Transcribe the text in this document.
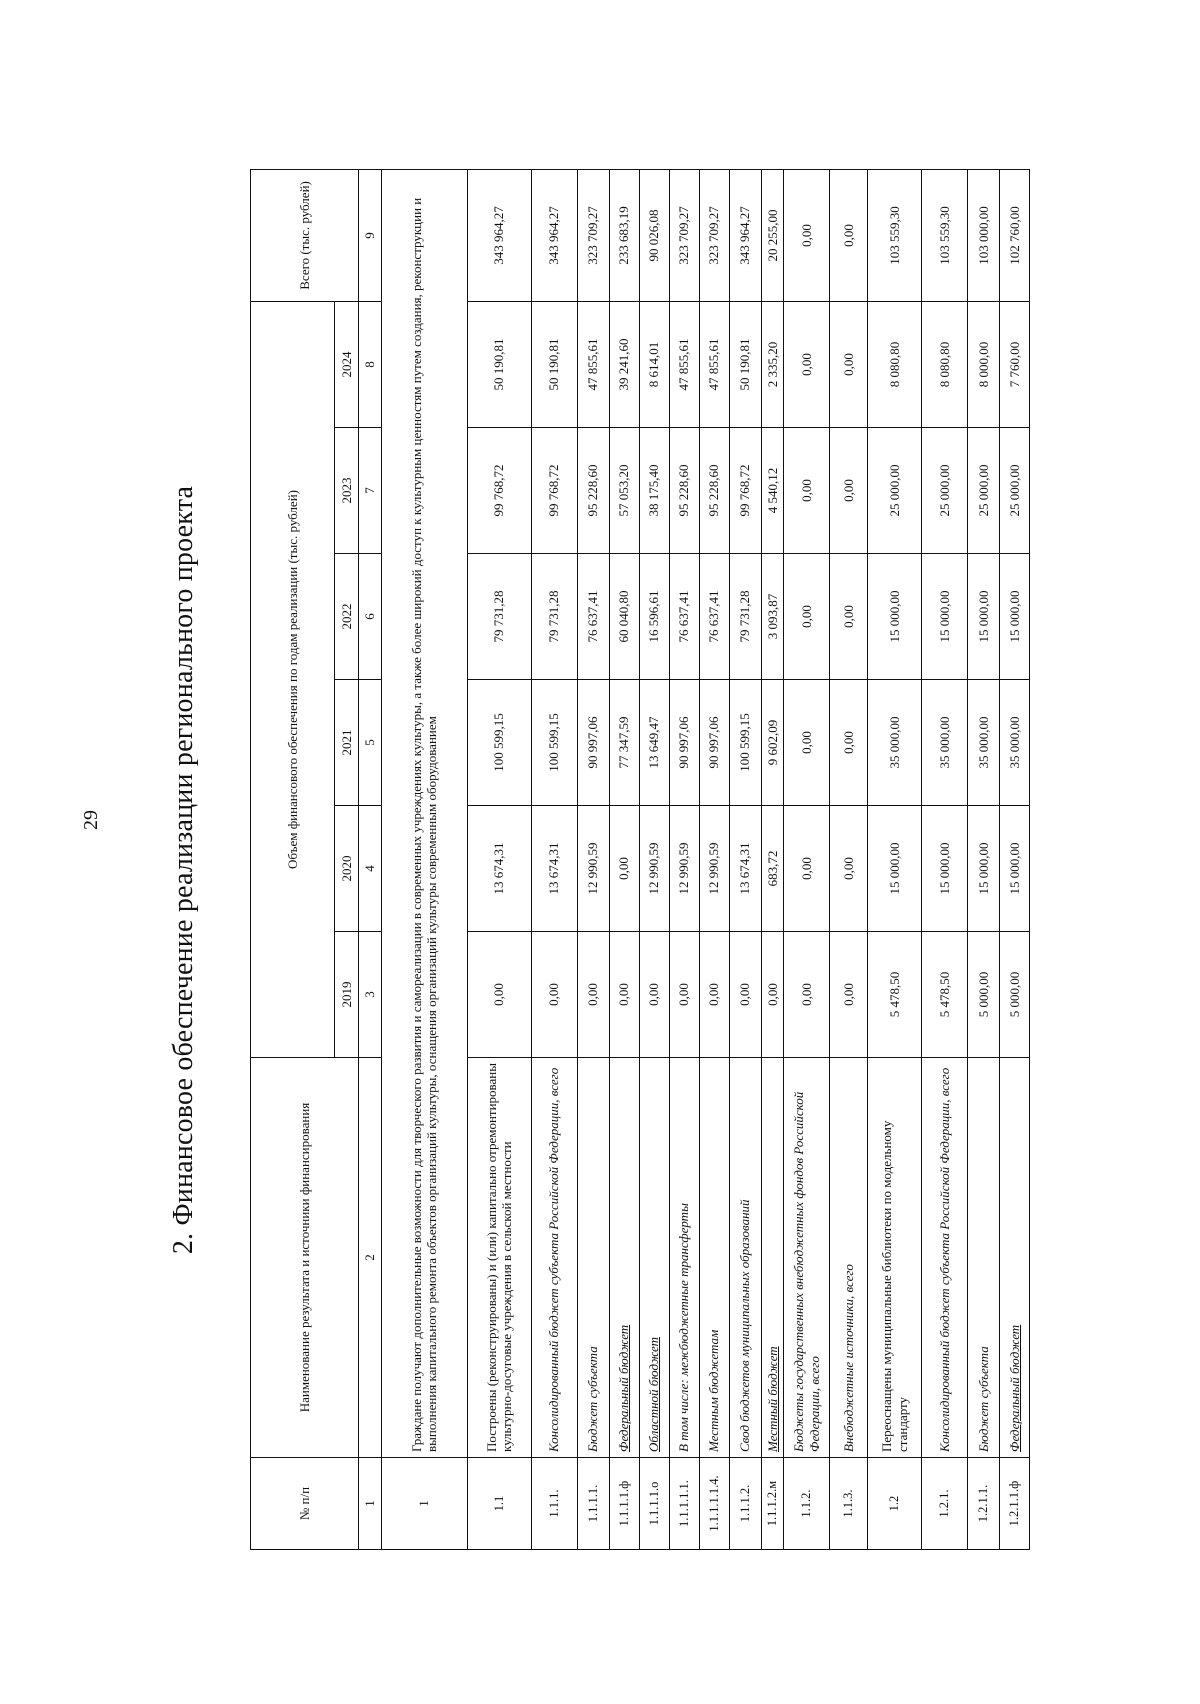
29 2. Финансовое обеспечение реализации регионального проекта
№ п/п	Наименование результата и источники финансирования	Объем финансового обеспечения по годам реализации (тыс. рублей)						Всего (тыс. рублей)
		2019	2020	2021	2022	2023	2024	
1	2	3	4	5	6	7	8	9
1	Граждане получают дополнительные возможности для творческого развития и самореализации в современных учреждениях культуры, а также более широкий доступ к культурным ценностям путем создания, реконструкции и выполнения капитального ремонта объектов организаций культуры, оснащения организаций культуры современным оборудованием							
1.1	Построены (реконструированы) и (или) капитально отремонтированы культурно-досуговые учреждения в сельской местности	0,00	13 674,31	100 599,15	79 731,28	99 768,72	50 190,81	343 964,27
1.1.1.	Консолидированный бюджет субъекта Российской Федерации, всего	0,00	13 674,31	100 599,15	79 731,28	99 768,72	50 190,81	343 964,27
1.1.1.1.	Бюджет субъекта	0,00	12 990,59	90 997,06	76 637,41	95 228,60	47 855,61	323 709,27
1.1.1.1.ф	Федеральный бюджет	0,00	0,00	77 347,59	60 040,80	57 053,20	39 241,60	233 683,19
1.1.1.1.о	Областной бюджет	0,00	12 990,59	13 649,47	16 596,61	38 175,40	8 614,01	90 026,08
1.1.1.1.1.	В том числе: межбюджетные трансферты	0,00	12 990,59	90 997,06	76 637,41	95 228,60	47 855,61	323 709,27
1.1.1.1.1.4.	Местным бюджетам	0,00	12 990,59	90 997,06	76 637,41	95 228,60	47 855,61	323 709,27
1.1.1.2.	Свод бюджетов муниципальных образований	0,00	13 674,31	100 599,15	79 731,28	99 768,72	50 190,81	343 964,27
1.1.1.2.м	Местный бюджет	0,00	683,72	9 602,09	3 093,87	4 540,12	2 335,20	20 255,00
1.1.2.	Бюджеты государственных внебюджетных фондов Российской Федерации, всего	0,00	0,00	0,00	0,00	0,00	0,00	0,00
1.1.3.	Внебюджетные источники, всего	0,00	0,00	0,00	0,00	0,00	0,00	0,00
1.2	Переоснащены муниципальные библиотеки по модельному стандарту	5 478,50	15 000,00	35 000,00	15 000,00	25 000,00	8 080,80	103 559,30
1.2.1.	Консолидированный бюджет субъекта Российской Федерации, всего	5 478,50	15 000,00	35 000,00	15 000,00	25 000,00	8 080,80	103 559,30
1.2.1.1.	Бюджет субъекта	5 000,00	15 000,00	35 000,00	15 000,00	25 000,00	8 000,00	103 000,00
1.2.1.1.ф	Федеральный бюджет	5 000,00	15 000,00	35 000,00	15 000,00	25 000,00	7 760,00	102 760,00
